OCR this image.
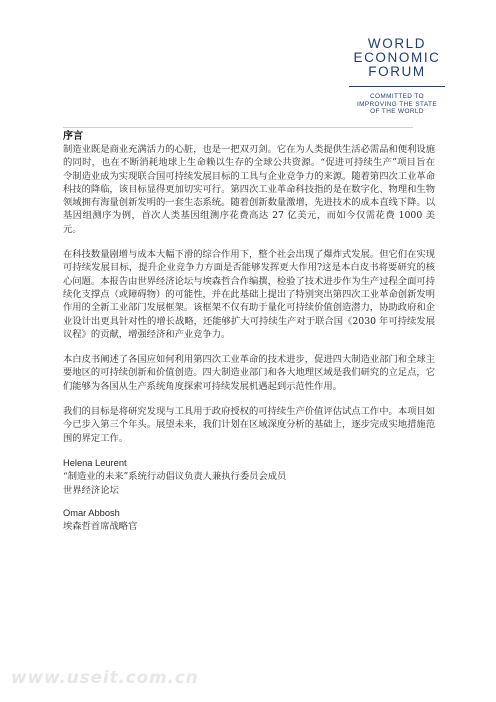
WORLD
ECONOMIC
FORUM
COMMITTED TO
IMPROVING THE STATE
OF THE WORLD

序言

制造业既是商业充满活力的心脏，也是一把双刃剑。它在为人类提供生活必需品和便利设施的同时，也在不断消耗地球上生命赖以生存的全球公共资源。“促进可持续生产”项目旨在令制造业成为实现联合国可持续发展目标的工具与企业竞争力的来源。随着第四次工业革命科技的降临，该目标显得更加切实可行。第四次工业革命科技指的是在数字化、物理和生物领域拥有海量创新发明的一套生态系统。随着创新数量激增，先进技术的成本直线下降。以基因组测序为例，首次人类基因组测序花费高达 27 亿美元，而如今仅需花费 1000 美元。

在科技数量剧增与成本大幅下滑的综合作用下，整个社会出现了爆炸式发展。但它们在实现可持续发展目标，提升企业竞争力方面是否能够发挥更大作用?这是本白皮书将要研究的核心问题。本报告由世界经济论坛与埃森哲合作编撰，检验了技术进步作为生产过程全面可持续化支撑点（或障碍物）的可能性，并在此基础上提出了特别突出第四次工业革命创新发明作用的全新工业部门发展框架。该框架不仅有助于量化可持续价值创造潜力，协助政府和企业设计出更具针对性的增长战略，还能够扩大可持续生产对于联合国《2030 年可持续发展议程》的贡献，增强经济和产业竞争力。

本白皮书阐述了各国应如何利用第四次工业革命的技术进步，促进四大制造业部门和全球主要地区的可持续创新和价值创造。四大制造业部门和各大地理区域是我们研究的立足点，它们能够为各国从生产系统角度探索可持续发展机遇起到示范性作用。

我们的目标是将研究发现与工具用于政府授权的可持续生产价值评估试点工作中。本项目如今已步入第三个年头。展望未来，我们计划在区域深度分析的基础上，逐步完成实地措施范围的界定工作。

Helena Leurent

“制造业的未来”系统行动倡议负责人兼执行委员会成员

世界经济论坛

Omar Abbosh

埃森哲首席战略官

www.useit.com.cn
